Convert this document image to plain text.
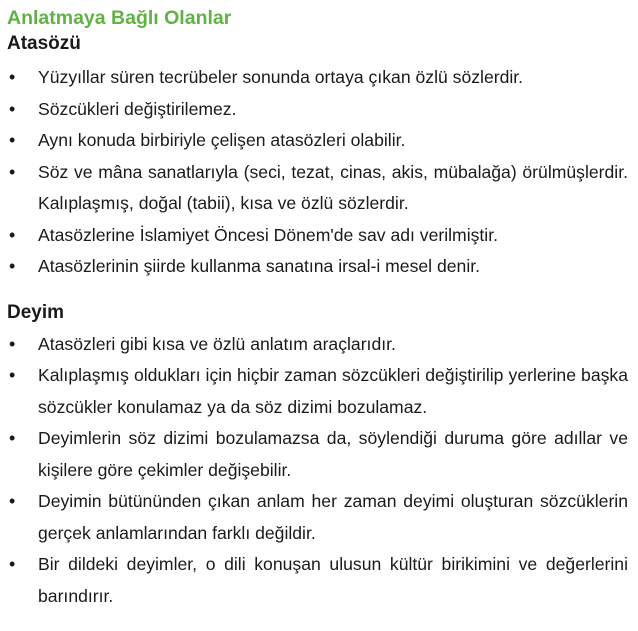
Anlatmaya Bağlı Olanlar
Atasözü
• Yüzyıllar süren tecrübeler sonunda ortaya çıkan özlü sözlerdir.
• Sözcükleri değiştirilemez.
• Aynı konuda birbiriyle çelişen atasözleri olabilir.
• Söz ve mâna sanatlarıyla (seci, tezat, cinas, akis, mübalağa) örülmüşlerdir. Kalıplaşmış, doğal (tabii), kısa ve özlü sözlerdir.
• Atasözlerine İslamiyet Öncesi Dönem'de sav adı verilmiştir.
• Atasözlerinin şiirde kullanma sanatına irsal-i mesel denir.
Deyim
• Atasözleri gibi kısa ve özlü anlatım araçlarıdır.
• Kalıplaşmış oldukları için hiçbir zaman sözcükleri değiştirilip yerlerine başka sözcükler konulamaz ya da söz dizimi bozulamaz.
• Deyimlerin söz dizimi bozulamazsa da, söylendiği duruma göre adıllar ve kişilere göre çekimler değişebilir.
• Deyimin bütününden çıkan anlam her zaman deyimi oluşturan sözcüklerin gerçek anlamlarından farklı değildir.
• Bir dildeki deyimler, o dili konuşan ulusun kültür birikimini ve değerlerini barındırır.
